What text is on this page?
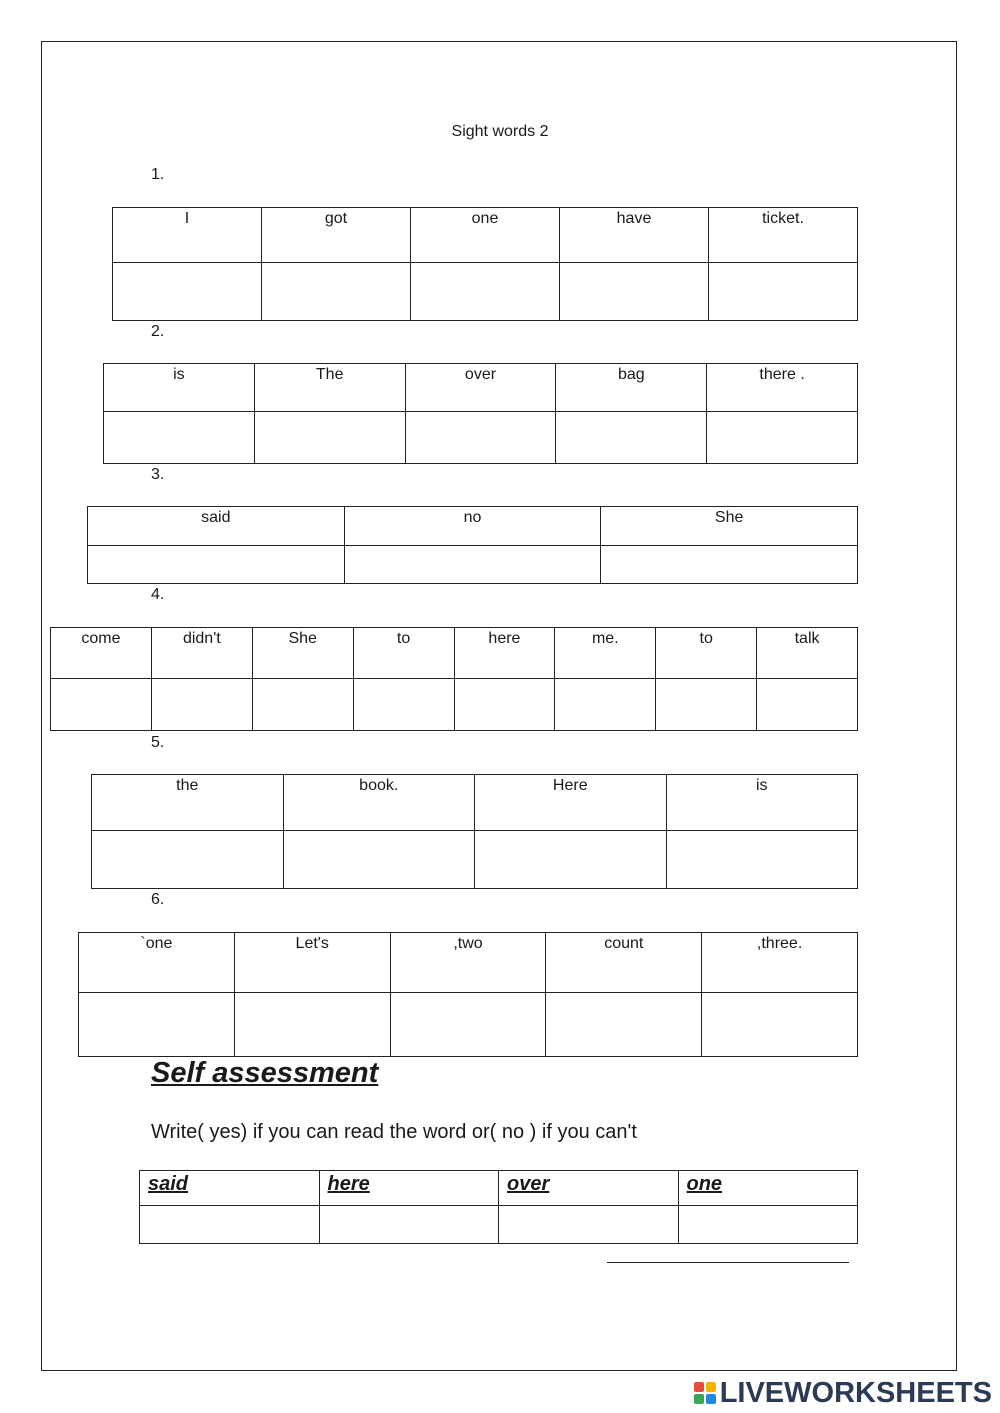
Sight words 2
1.
I	got	one	have	ticket.

2.
is	The	over	bag	there .

3.
said	no	She

4.
come	didn't	She	to	here	me.	to	talk

5.
the	book.	Here	is

6.
`one	Let's	,two	count	,three.

Self assessment
Write( yes) if you can read the word or( no ) if you can't
said	here	over	one

LIVEWORKSHEETS
